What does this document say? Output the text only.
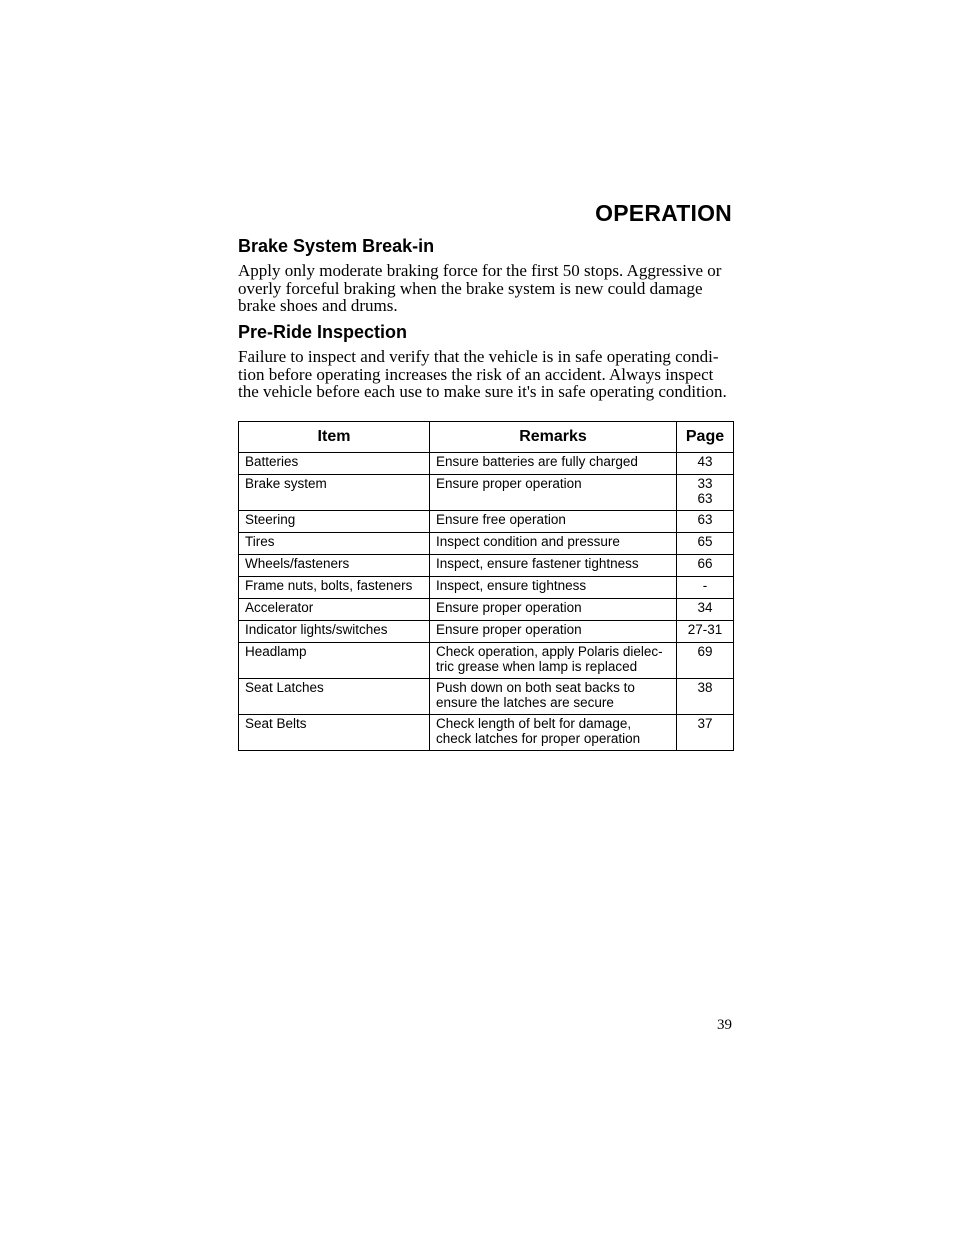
OPERATION
Brake System Break-in

Apply only moderate braking force for the first 50 stops. Aggressive or
overly forceful braking when the brake system is new could damage
brake shoes and drums.

Pre-Ride Inspection

Failure to inspect and verify that the vehicle is in safe operating condi-
tion before operating increases the risk of an accident. Always inspect
the vehicle before each use to make sure it's in safe operating condition.

Item	Remarks	Page
Batteries	Ensure batteries are fully charged	43
Brake system	Ensure proper operation	33
63
Steering	Ensure free operation	63
Tires	Inspect condition and pressure	65
Wheels/fasteners	Inspect, ensure fastener tightness	66
Frame nuts, bolts, fasteners	Inspect, ensure tightness	-
Accelerator	Ensure proper operation	34
Indicator lights/switches	Ensure proper operation	27-31
Headlamp	Check operation, apply Polaris dielec-
tric grease when lamp is replaced	69
Seat Latches	Push down on both seat backs to
ensure the latches are secure	38
Seat Belts	Check length of belt for damage,
check latches for proper operation	37

39
